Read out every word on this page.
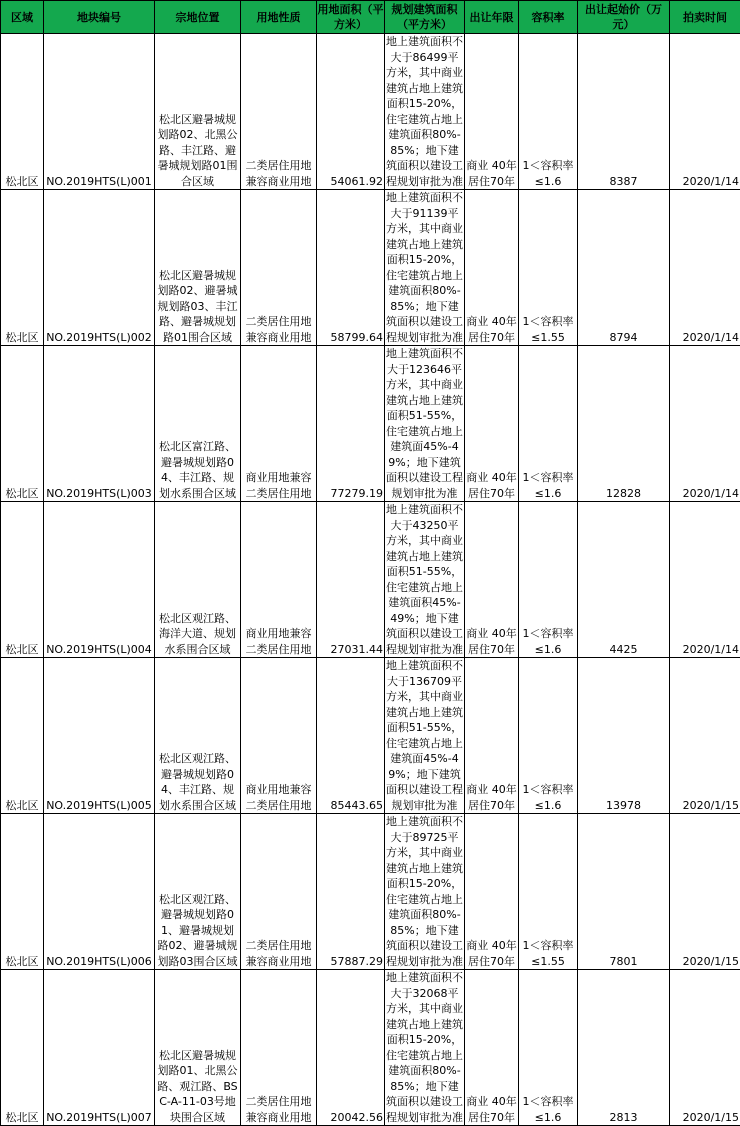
区域	地块编号	宗地位置	用地性质	用地面积（平方米）	规划建筑面积（平方米）	出让年限	容积率	出让起始价（万元）	拍卖时间
松北区	NO.2019HTS(L)001	松北区避暑城规划路02、北黑公路、丰江路、避暑城规划路01围合区域	二类居住用地兼容商业用地	54061.92	地上建筑面积不大于86499平方米，其中商业建筑占地上建筑面积15-20%，住宅建筑占地上建筑面积80%-85%；地下建筑面积以建设工程规划审批为准	商业 40年居住70年	1＜容积率≤1.6	8387	2020/1/14
松北区	NO.2019HTS(L)002	松北区避暑城规划路02、避暑城规划路03、丰江路、避暑城规划路01围合区域	二类居住用地兼容商业用地	58799.64	地上建筑面积不大于91139平方米，其中商业建筑占地上建筑面积15-20%，住宅建筑占地上建筑面积80%-85%；地下建筑面积以建设工程规划审批为准	商业 40年居住70年	1＜容积率≤1.55	8794	2020/1/14
松北区	NO.2019HTS(L)003	松北区富江路、避暑城规划路04、丰江路、规划水系围合区域	商业用地兼容二类居住用地	77279.19	地上建筑面积不大于123646平方米，其中商业建筑占地上建筑面积51-55%，住宅建筑占地上建筑面45%-49%；地下建筑面积以建设工程规划审批为准	商业 40年居住70年	1＜容积率≤1.6	12828	2020/1/14
松北区	NO.2019HTS(L)004	松北区观江路、海洋大道、规划水系围合区域	商业用地兼容二类居住用地	27031.44	地上建筑面积不大于43250平方米，其中商业建筑占地上建筑面积51-55%，住宅建筑占地上建筑面积45%-49%；地下建筑面积以建设工程规划审批为准	商业 40年居住70年	1＜容积率≤1.6	4425	2020/1/14
松北区	NO.2019HTS(L)005	松北区观江路、避暑城规划路04、丰江路、规划水系围合区域	商业用地兼容二类居住用地	85443.65	地上建筑面积不大于136709平方米，其中商业建筑占地上建筑面积51-55%，住宅建筑占地上建筑面45%-49%；地下建筑面积以建设工程规划审批为准	商业 40年居住70年	1＜容积率≤1.6	13978	2020/1/15
松北区	NO.2019HTS(L)006	松北区观江路、避暑城规划路01、避暑城规划路02、避暑城规划路03围合区域	二类居住用地兼容商业用地	57887.29	地上建筑面积不大于89725平方米，其中商业建筑占地上建筑面积15-20%，住宅建筑占地上建筑面积80%-85%；地下建筑面积以建设工程规划审批为准	商业 40年居住70年	1＜容积率≤1.55	7801	2020/1/15
松北区	NO.2019HTS(L)007	松北区避暑城规划路01、北黑公路、观江路、BSC-A-11-03号地块围合区域	二类居住用地兼容商业用地	20042.56	地上建筑面积不大于32068平方米，其中商业建筑占地上建筑面积15-20%，住宅建筑占地上建筑面积80%-85%；地下建筑面积以建设工程规划审批为准	商业 40年居住70年	1＜容积率≤1.6	2813	2020/1/15
